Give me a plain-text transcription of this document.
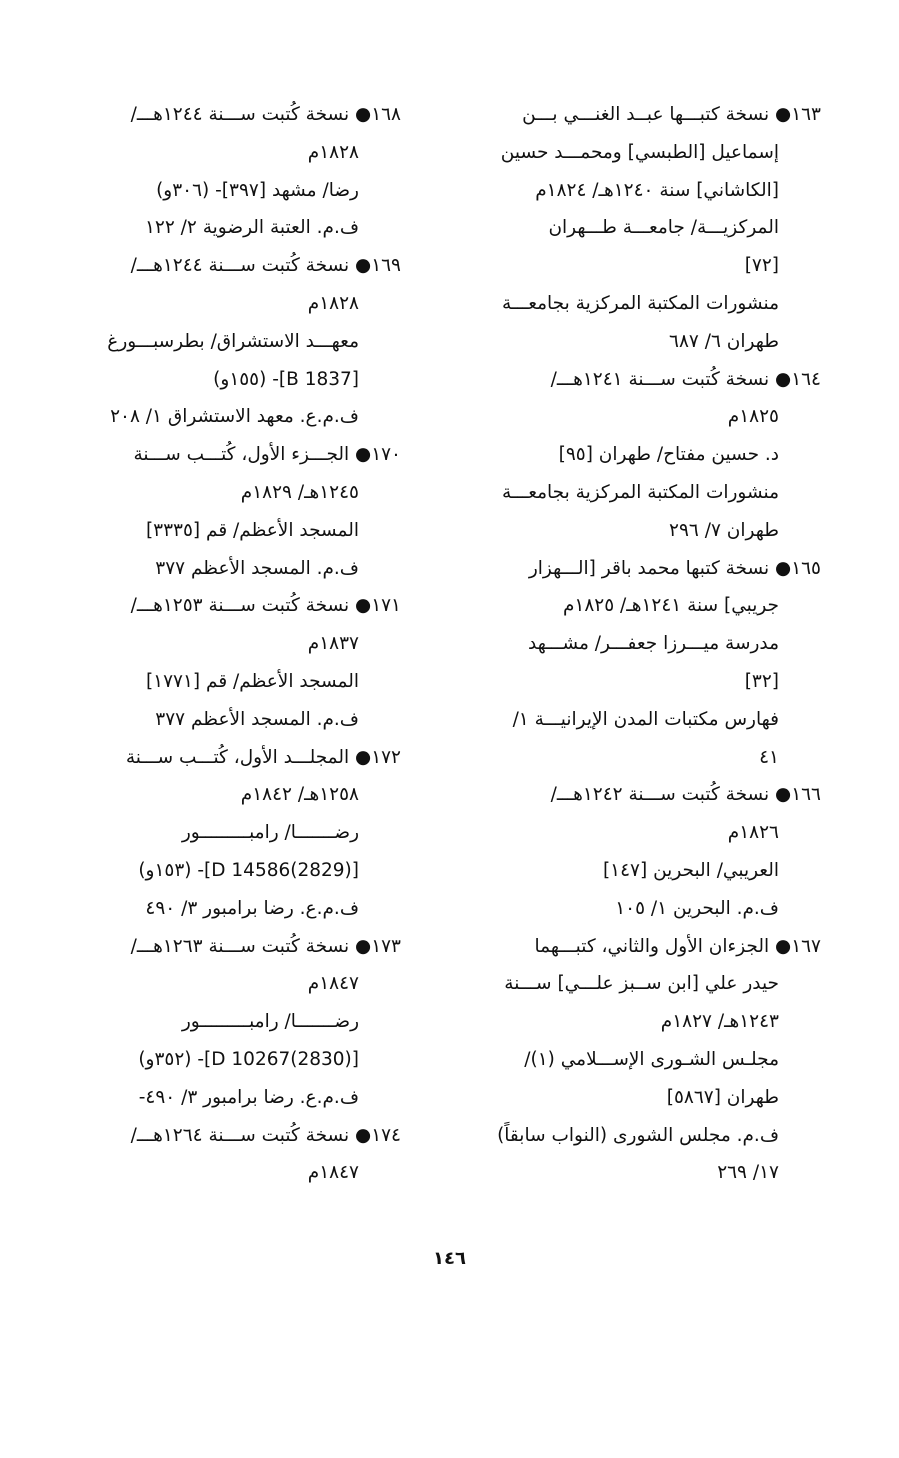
١٦٣● نسخة كتبـــها عبــد الغنـــي بـــن
إسماعيل [الطبسي] ومحمـــد حسين
[الكاشاني] سنة ١٢٤٠هـ/ ١٨٢٤م
المركزيـــة/ جامعـــة طـــهران
[٧٢]
منشورات المكتبة المركزية بجامعـــة
طهران ٦/ ٦٨٧
١٦٤● نسخة كُتبت ســـنة ١٢٤١هـــ/
١٨٢٥م
د. حسين مفتاح/ طهران [٩٥]
منشورات المكتبة المركزية بجامعـــة
طهران ٧/ ٢٩٦
١٦٥● نسخة كتبها محمد باقر [الـــهزار
جريبي] سنة ١٢٤١هـ/ ١٨٢٥م
مدرسة ميـــرزا جعفـــر/ مشـــهد
[٣٢]
فهارس مكتبات المدن الإيرانيـــة ١/
٤١
١٦٦● نسخة كُتبت ســـنة ١٢٤٢هـــ/
١٨٢٦م
العريبي/ البحرين [١٤٧]
ف.م. البحرين ١/ ١٠٥
١٦٧● الجزءان الأول والثاني، كتبـــهما
حيدر علي [ابن ســبز علـــي] ســـنة
١٢٤٣هـ/ ١٨٢٧م
مجلـس الشـورى الإســـلامي (١)/
طهران [٥٨٦٧]
ف.م. مجلس الشورى (النواب سابقاً)
١٧/ ٢٦٩
١٦٨● نسخة كُتبت ســـنة ١٢٤٤هـــ/
١٨٢٨م
رضا/ مشهد [٣٩٧]- (٣٠٦و)
ف.م. العتبة الرضوية ٢/ ١٢٢
١٦٩● نسخة كُتبت ســـنة ١٢٤٤هـــ/
١٨٢٨م
معهـــد الاستشراق/ بطرسبـــورغ
[B 1837]- (١٥٥و)
ف.م.ع. معهد الاستشراق ١/ ٢٠٨
١٧٠● الجـــزء الأول، كُتـــب ســـنة
١٢٤٥هـ/ ١٨٢٩م
المسجد الأعظم/ قم [٣٣٣٥]
ف.م. المسجد الأعظم ٣٧٧
١٧١● نسخة كُتبت ســـنة ١٢٥٣هـــ/
١٨٣٧م
المسجد الأعظم/ قم [١٧٧١]
ف.م. المسجد الأعظم ٣٧٧
١٧٢● المجلـــد الأول، كُتـــب ســـنة
١٢٥٨هـ/ ١٨٤٢م
رضـــــــا/ رامبـــــــــور
[D 14586(2829)]- (١٥٣و)
ف.م.ع. رضا برامبور ٣/ ٤٩٠
١٧٣● نسخة كُتبت ســـنة ١٢٦٣هـــ/
١٨٤٧م
رضـــــــا/ رامبـــــــــور
[D 10267(2830)]- (٣٥٢و)
ف.م.ع. رضا برامبور ٣/ ٤٩٠-
١٧٤● نسخة كُتبت ســـنة ١٢٦٤هـــ/
١٨٤٧م
١٤٦
